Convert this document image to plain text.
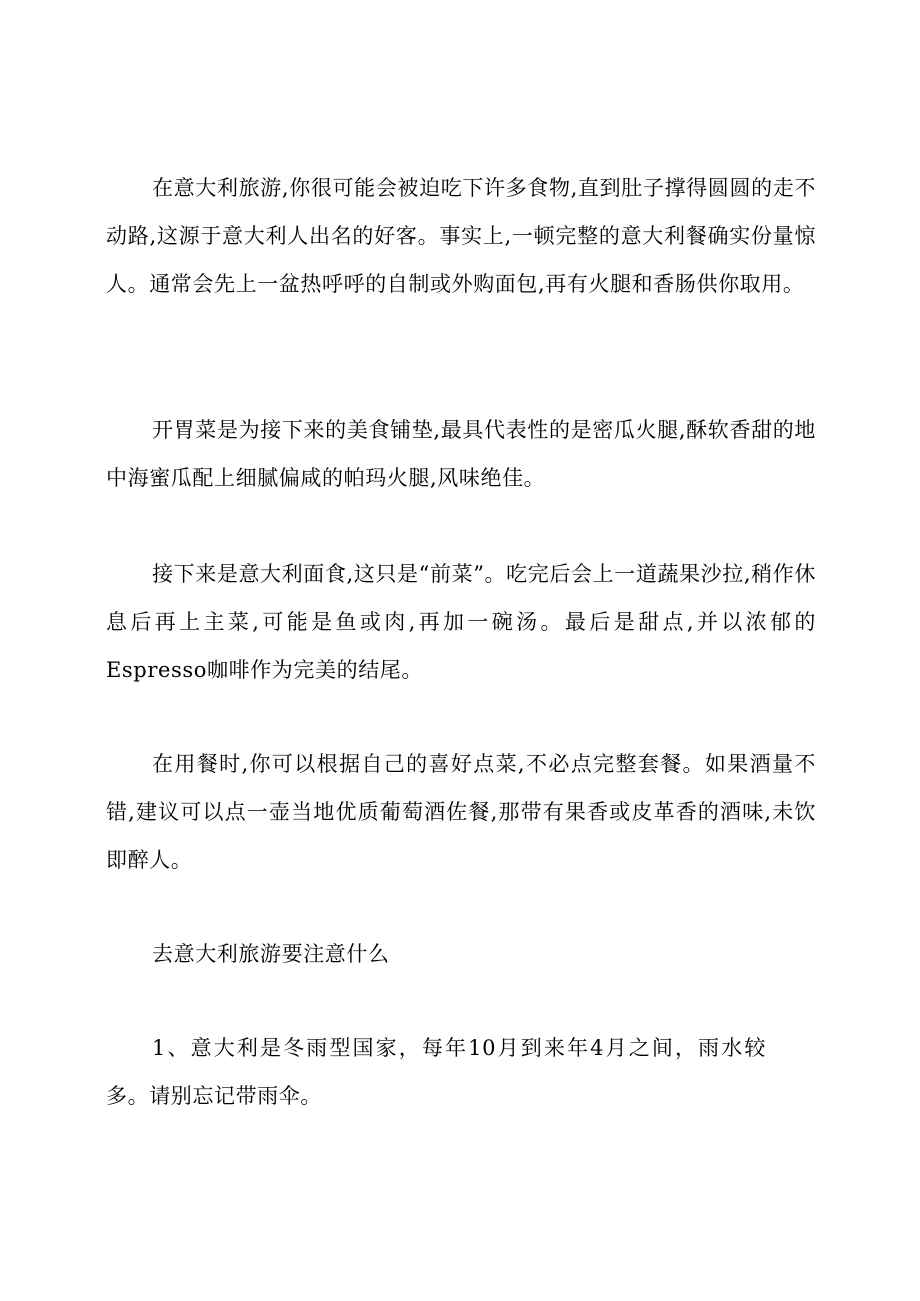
在意大利旅游,你很可能会被迫吃下许多食物,直到肚子撑得圆圆的走不动路,这源于意大利人出名的好客。事实上,一顿完整的意大利餐确实份量惊人。通常会先上一盆热呼呼的自制或外购面包,再有火腿和香肠供你取用。

开胃菜是为接下来的美食铺垫,最具代表性的是密瓜火腿,酥软香甜的地中海蜜瓜配上细腻偏咸的帕玛火腿,风味绝佳。

接下来是意大利面食,这只是“前菜”。吃完后会上一道蔬果沙拉,稍作休息后再上主菜,可能是鱼或肉,再加一碗汤。最后是甜点,并以浓郁的Espresso咖啡作为完美的结尾。

在用餐时,你可以根据自己的喜好点菜,不必点完整套餐。如果酒量不错,建议可以点一壶当地优质葡萄酒佐餐,那带有果香或皮革香的酒味,未饮即醉人。

去意大利旅游要注意什么

1、意大利是冬雨型国家，每年10月到来年4月之间，雨水较多。请别忘记带雨伞。
